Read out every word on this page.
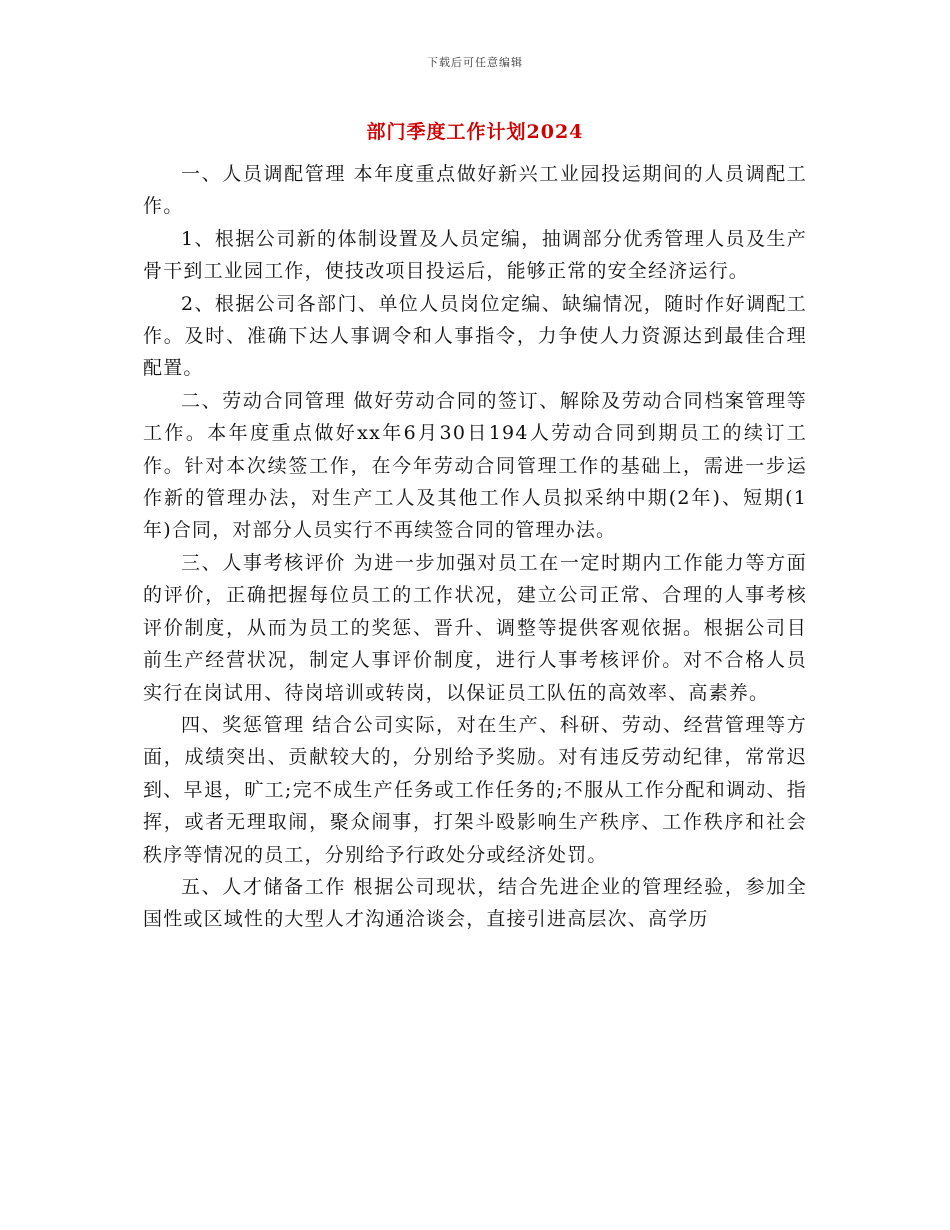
下载后可任意编辑
部门季度工作计划2024

一、人员调配管理 本年度重点做好新兴工业园投运期间的人员调配工作。

1、根据公司新的体制设置及人员定编，抽调部分优秀管理人员及生产骨干到工业园工作，使技改项目投运后，能够正常的安全经济运行。

2、根据公司各部门、单位人员岗位定编、缺编情况，随时作好调配工作。及时、准确下达人事调令和人事指令，力争使人力资源达到最佳合理配置。

二、劳动合同管理 做好劳动合同的签订、解除及劳动合同档案管理等工作。本年度重点做好xx年6月30日194人劳动合同到期员工的续订工作。针对本次续签工作，在今年劳动合同管理工作的基础上，需进一步运作新的管理办法，对生产工人及其他工作人员拟采纳中期(2年)、短期(1年)合同，对部分人员实行不再续签合同的管理办法。

三、人事考核评价 为进一步加强对员工在一定时期内工作能力等方面的评价，正确把握每位员工的工作状况，建立公司正常、合理的人事考核评价制度，从而为员工的奖惩、晋升、调整等提供客观依据。根据公司目前生产经营状况，制定人事评价制度，进行人事考核评价。对不合格人员实行在岗试用、待岗培训或转岗，以保证员工队伍的高效率、高素养。

四、奖惩管理 结合公司实际，对在生产、科研、劳动、经营管理等方面，成绩突出、贡献较大的，分别给予奖励。对有违反劳动纪律，常常迟到、早退，旷工;完不成生产任务或工作任务的;不服从工作分配和调动、指挥，或者无理取闹，聚众闹事，打架斗殴影响生产秩序、工作秩序和社会秩序等情况的员工，分别给予行政处分或经济处罚。

五、人才储备工作 根据公司现状，结合先进企业的管理经验，参加全国性或区域性的大型人才沟通洽谈会，直接引进高层次、高学历
